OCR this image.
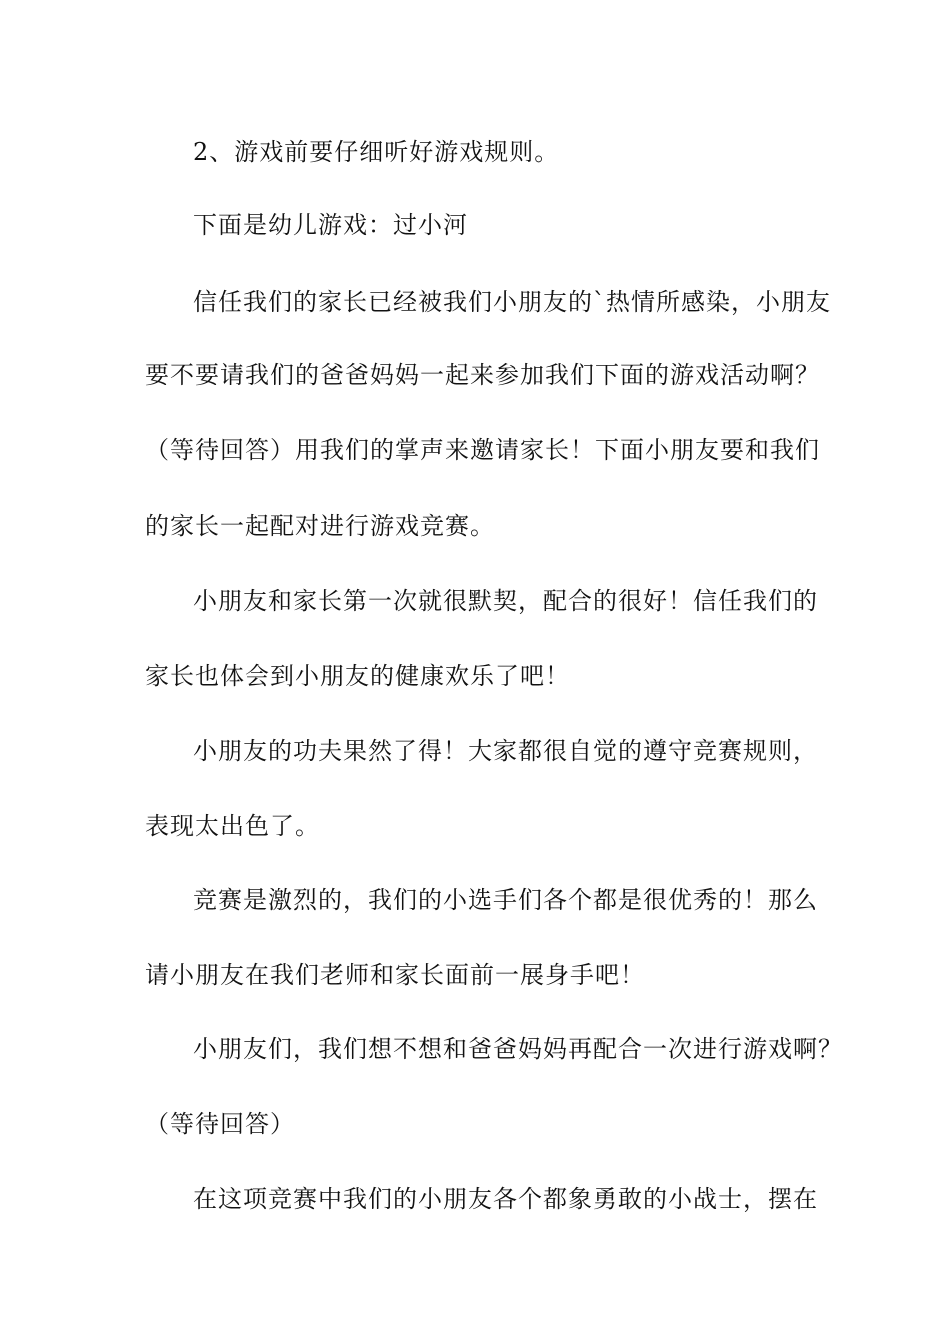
2、游戏前要仔细听好游戏规则。
下面是幼儿游戏：过小河
信任我们的家长已经被我们小朋友的`热情所感染，小朋友
要不要请我们的爸爸妈妈一起来参加我们下面的游戏活动啊？
（等待回答）用我们的掌声来邀请家长！下面小朋友要和我们
的家长一起配对进行游戏竞赛。
小朋友和家长第一次就很默契，配合的很好！信任我们的
家长也体会到小朋友的健康欢乐了吧！
小朋友的功夫果然了得！大家都很自觉的遵守竞赛规则，
表现太出色了。
竞赛是激烈的，我们的小选手们各个都是很优秀的！那么
请小朋友在我们老师和家长面前一展身手吧！
小朋友们，我们想不想和爸爸妈妈再配合一次进行游戏啊？
（等待回答）
在这项竞赛中我们的小朋友各个都象勇敢的小战士，摆在
